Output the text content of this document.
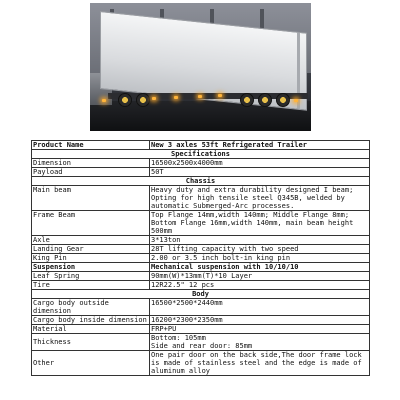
Product Name	New 3 axles 53ft Refrigerated Trailer
Specifications	
Dimension	16500x2500x4000mm
Payload	50T
Chassis	
Main beam	Heavy duty and extra durability designed I beam; Opting for high tensile steel Q345B, welded by automatic Submerged-Arc processes.
Frame Beam	Top Flange 14mm,width 140mm; Middle Flange 8mm; Bottom Flange 16mm,width 140mm, main beam height 500mm
Axle	3*13ton
Landing Gear	28T lifting capacity with two speed
King Pin	2.00 or 3.5 inch bolt-in king pin
Suspension	Mechanical suspension with 10/10/10
Leaf Spring	90mm(W)*13mm(T)*10 Layer
Tire	12R22.5" 12 pcs
Body	
Cargo body outside dimension	16500*2500*2440mm
Cargo body inside dimension	16200*2300*2350mm
Material	FRP+PU
Thickness	Bottom: 105mm
Side and rear door: 85mm
Other	One pair door on the back side,The door frame lock is made of stainless steel and the edge is made of aluminum alloy
